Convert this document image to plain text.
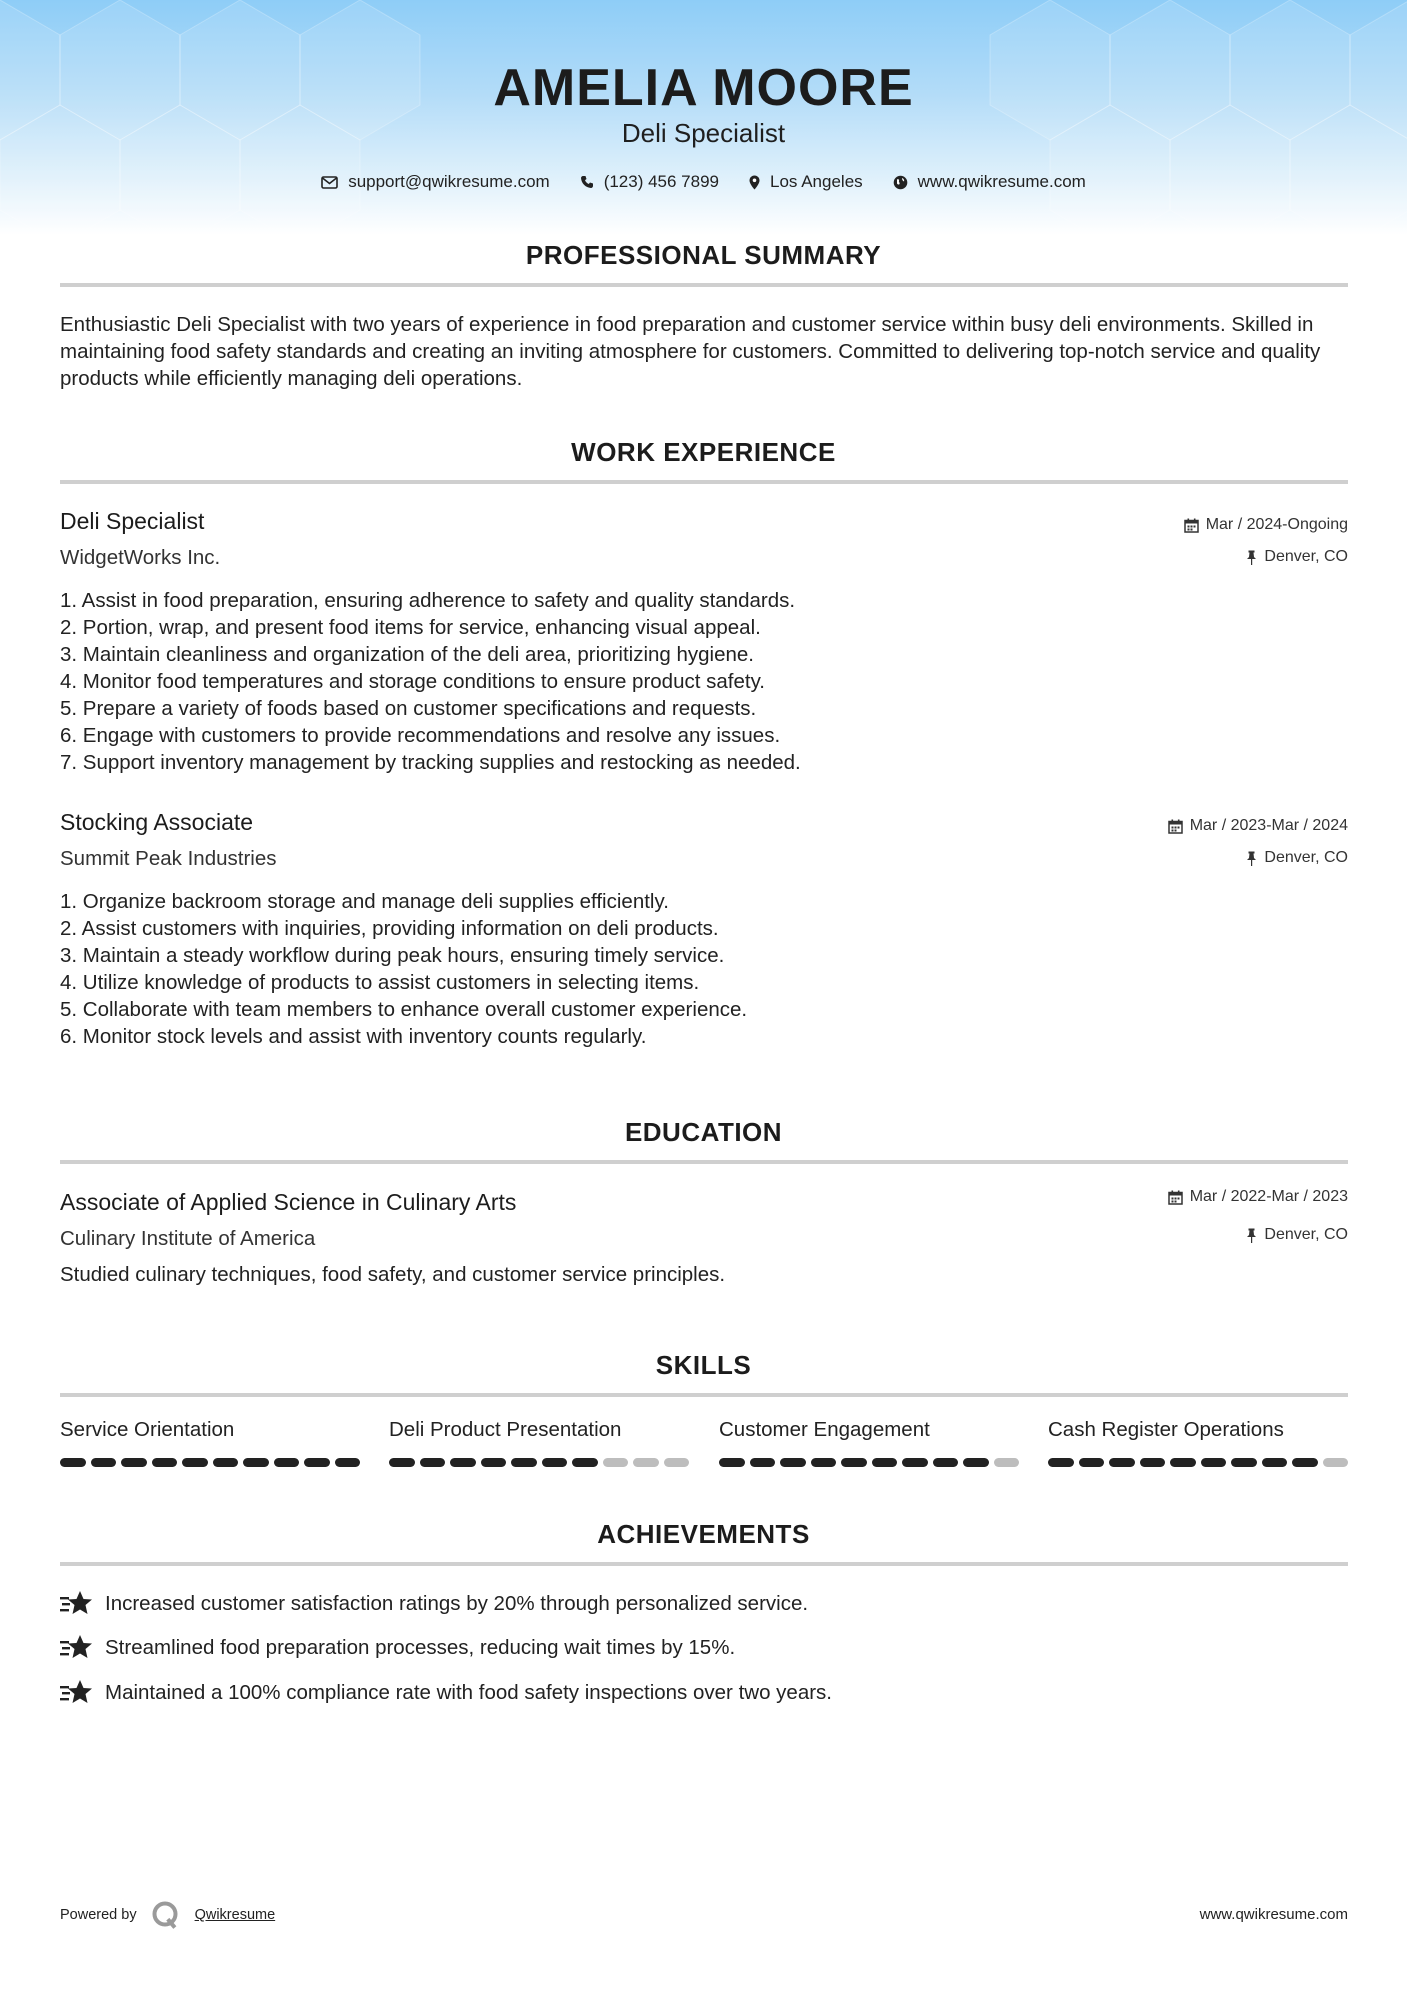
AMELIA MOORE
Deli Specialist
support@qwikresume.com	(123) 456 7899	Los Angeles	www.qwikresume.com
PROFESSIONAL SUMMARY
Enthusiastic Deli Specialist with two years of experience in food preparation and customer service within busy deli environments. Skilled in maintaining food safety standards and creating an inviting atmosphere for customers. Committed to delivering top-notch service and quality products while efficiently managing deli operations.
WORK EXPERIENCE
Deli Specialist
WidgetWorks Inc.
Mar / 2024-Ongoing
Denver, CO
1. Assist in food preparation, ensuring adherence to safety and quality standards.
2. Portion, wrap, and present food items for service, enhancing visual appeal.
3. Maintain cleanliness and organization of the deli area, prioritizing hygiene.
4. Monitor food temperatures and storage conditions to ensure product safety.
5. Prepare a variety of foods based on customer specifications and requests.
6. Engage with customers to provide recommendations and resolve any issues.
7. Support inventory management by tracking supplies and restocking as needed.
Stocking Associate
Summit Peak Industries
Mar / 2023-Mar / 2024
Denver, CO
1. Organize backroom storage and manage deli supplies efficiently.
2. Assist customers with inquiries, providing information on deli products.
3. Maintain a steady workflow during peak hours, ensuring timely service.
4. Utilize knowledge of products to assist customers in selecting items.
5. Collaborate with team members to enhance overall customer experience.
6. Monitor stock levels and assist with inventory counts regularly.
EDUCATION
Associate of Applied Science in Culinary Arts
Culinary Institute of America
Mar / 2022-Mar / 2023
Denver, CO
Studied culinary techniques, food safety, and customer service principles.
SKILLS
Service Orientation	Deli Product Presentation	Customer Engagement	Cash Register Operations
ACHIEVEMENTS
Increased customer satisfaction ratings by 20% through personalized service.
Streamlined food preparation processes, reducing wait times by 15%.
Maintained a 100% compliance rate with food safety inspections over two years.
Powered by	Qwikresume	www.qwikresume.com
